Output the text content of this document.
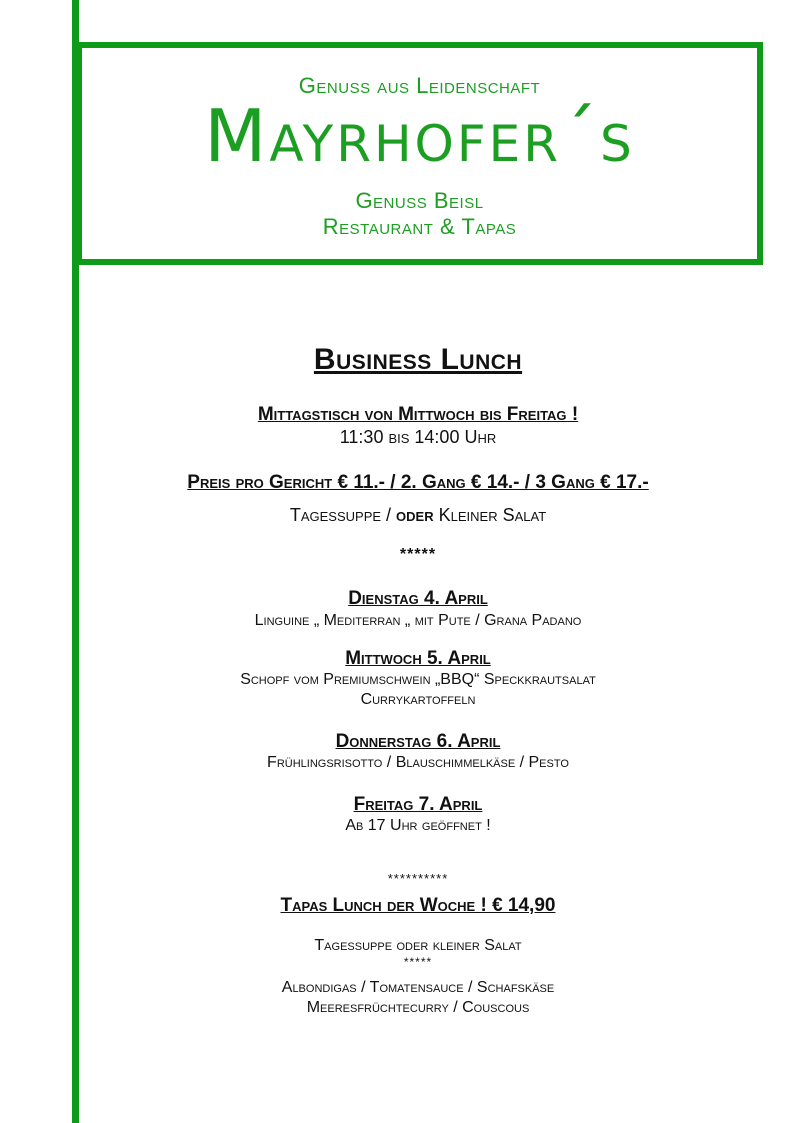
Genuss aus Leidenschaft
Mayrhofer´s
Genuss Beisl
Restaurant & Tapas
Business Lunch
Mittagstisch von Mittwoch bis Freitag !
11:30 bis 14:00 Uhr
Preis pro Gericht € 11.- / 2. Gang € 14.- / 3 Gang € 17.-
Tagessuppe / oder Kleiner Salat
*****
Dienstag 4. April
Linguine „ Mediterran „ mit Pute / Grana Padano
Mittwoch 5. April
Schopf vom Premiumschwein „BBQ“ Speckkrautsalat
Currykartoffeln
Donnerstag 6. April
Frühlingsrisotto / Blauschimmelkäse / Pesto
Freitag 7. April
Ab 17 Uhr geöffnet !
**********
Tapas Lunch der Woche ! € 14,90
Tagessuppe oder kleiner Salat
*****
Albondigas / Tomatensauce / Schafskäse
Meeresfrüchtecurry / Couscous
